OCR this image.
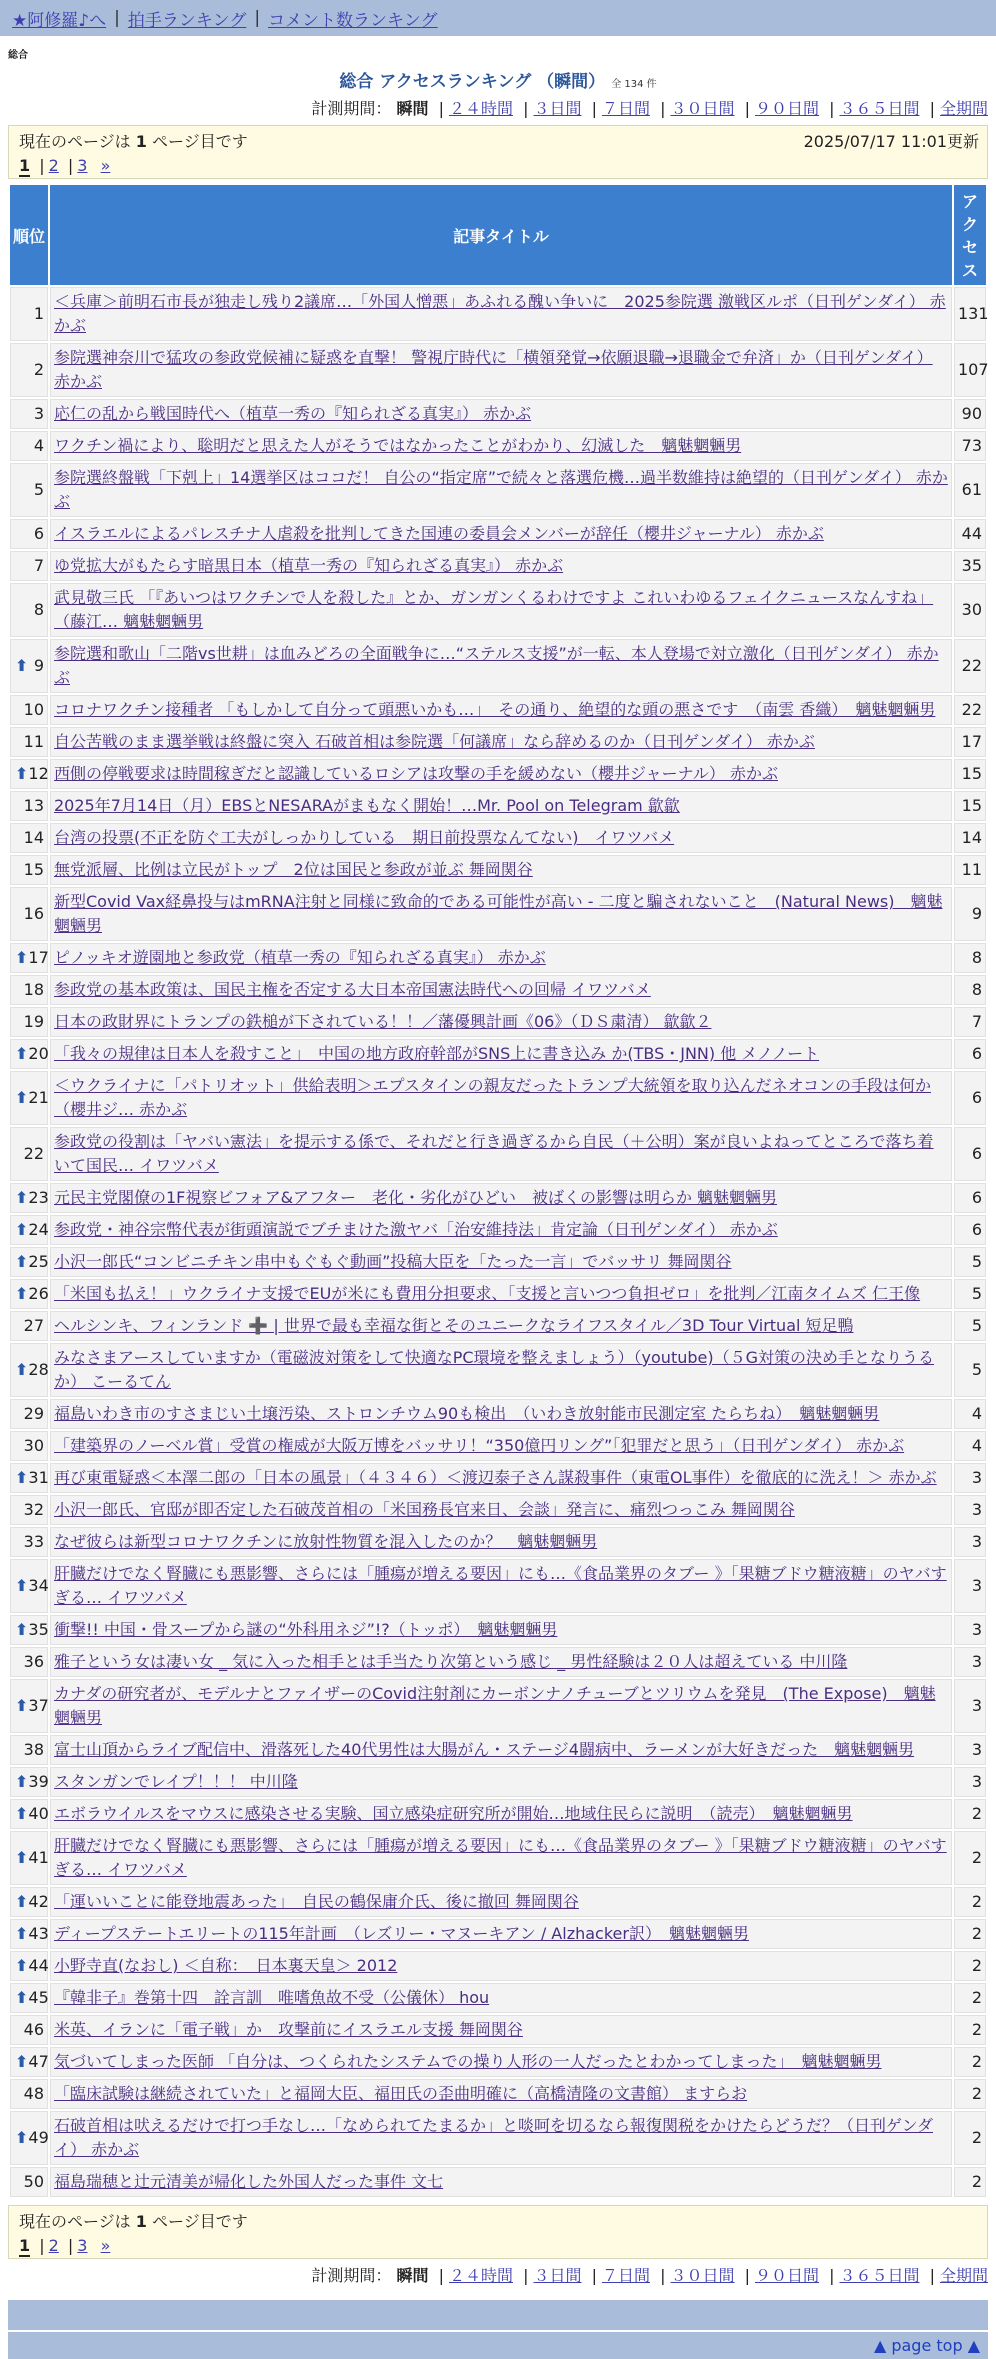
★阿修羅♪へ | 拍手ランキング | コメント数ランキング
総合
総合 アクセスランキング （瞬間） 全 134 件
計測期間： 瞬間 | ２４時間 | ３日間 | ７日間 | ３０日間 | ９０日間 | ３６５日間 | 全期間
現在のページは 1 ページ目です	2025/07/17 11:01更新
1 | 2 | 3 »
順位	記事タイトル	アクセス
1	＜兵庫＞前明石市長が独走し残り2議席…「外国人憎悪」あふれる醜い争いに　2025参院選 激戦区ルポ（日刊ゲンダイ） 赤かぶ	131
2	参院選神奈川で猛攻の参政党候補に疑惑を直撃！ 警視庁時代に「横領発覚→依願退職→退職金で弁済」か（日刊ゲンダイ） 赤かぶ	107
3	応仁の乱から戦国時代へ（植草一秀の『知られざる真実』） 赤かぶ	90
4	ワクチン禍により、聡明だと思えた人がそうではなかったことがわかり、幻滅した　魑魅魍魎男	73
5	参院選終盤戦「下剋上」14選挙区はココだ！ 自公の“指定席”で続々と落選危機…過半数維持は絶望的（日刊ゲンダイ） 赤かぶ	61
6	イスラエルによるパレスチナ人虐殺を批判してきた国連の委員会メンバーが辞任（櫻井ジャーナル） 赤かぶ	44
7	ゆ党拡大がもたらす暗黒日本（植草一秀の『知られざる真実』） 赤かぶ	35
8	武見敬三氏 「『あいつはワクチンで人を殺した』とか、ガンガンくるわけですよ これいわゆるフェイクニュースなんすね」 （藤江… 魑魅魍魎男	30

⬆ 9	参院選和歌山「二階vs世耕」は血みどろの全面戦争に…“ステルス支援”が一転、本人登場で対立激化（日刊ゲンダイ） 赤かぶ	22
10	コロナワクチン接種者 「もしかして自分って頭悪いかも…」　その通り、絶望的な頭の悪さです　（南雲 香織）　魑魅魍魎男	22
11	自公苦戦のまま選挙戦は終盤に突入 石破首相は参院選「何議席」なら辞めるのか（日刊ゲンダイ） 赤かぶ	17

⬆ 12	西側の停戦要求は時間稼ぎだと認識しているロシアは攻撃の手を緩めない（櫻井ジャーナル） 赤かぶ	15
13	2025年7月14日（月）EBSとNESARAがまもなく開始！…Mr. Pool on Telegram 歙歙	15
14	台湾の投票(不正を防ぐ工夫がしっかりしている　期日前投票なんてない)　イワツバメ	14
15	無党派層、比例は立民がトップ　2位は国民と参政が並ぶ 舞岡関谷	11
16	新型Covid Vax経鼻投与はmRNA注射と同様に致命的である可能性が高い - 二度と騙されないこと　(Natural News)　魑魅魍魎男	9

⬆ 17	ピノッキオ遊園地と参政党（植草一秀の『知られざる真実』） 赤かぶ	8
18	参政党の基本政策は、国民主権を否定する大日本帝国憲法時代への回帰 イワツバメ	8
19	日本の政財界にトランプの鉄槌が下されている！！／藩優興計画《06》（ＤＳ粛清） 歙歙２	7

⬆ 20	「我々の規律は日本人を殺すこと」　中国の地方政府幹部がSNS上に書き込み か(TBS・JNN) 他 メノノート	6

⬆ 21	＜ウクライナに「パトリオット」供給表明＞エプスタインの親友だったトランプ大統領を取り込んだネオコンの手段は何か（櫻井ジ… 赤かぶ	6
22	参政党の役割は「ヤバい憲法」を提示する係で、それだと行き過ぎるから自民（＋公明）案が良いよねってところで落ち着いて国民… イワツバメ	6

⬆ 23	元民主党閣僚の1F視察ビフォア&アフター　老化・劣化がひどい　被ばくの影響は明らか 魑魅魍魎男	6

⬆ 24	参政党・神谷宗幣代表が街頭演説でブチまけた激ヤバ「治安維持法」肯定論（日刊ゲンダイ） 赤かぶ	6

⬆ 25	小沢一郎氏“コンビニチキン串中もぐもぐ動画”投稿大臣を「たった一言」でバッサリ 舞岡関谷	5

⬆ 26	「米国も払え！」ウクライナ支援でEUが米にも費用分担要求、「支援と言いつつ負担ゼロ」を批判／江南タイムズ 仁王像	5
27	ヘルシンキ、フィンランド ➕ | 世界で最も幸福な街とそのユニークなライフスタイル／3D Tour Virtual 短足鴨	5

⬆ 28	みなさまアースしていますか（電磁波対策をして快適なPC環境を整えましょう）（youtube)（５G対策の決め手となりうるか） こーるてん	5
29	福島いわき市のすさまじい土壌汚染、ストロンチウム90も検出　（いわき放射能市民測定室 たらちね）　魑魅魍魎男	4
30	「建築界のノーベル賞」受賞の権威が大阪万博をバッサリ！“350億円リング”「犯罪だと思う」（日刊ゲンダイ） 赤かぶ	4

⬆ 31	再び東電疑惑＜本澤二郎の「日本の風景」（４３４６）＜渡辺泰子さん謀殺事件（東電OL事件）を徹底的に洗え！＞ 赤かぶ	3
32	小沢一郎氏、官邸が即否定した石破茂首相の「米国務長官来日、会談」発言に、痛烈つっこみ 舞岡関谷	3
33	なぜ彼らは新型コロナワクチンに放射性物質を混入したのか？　魑魅魍魎男	3

⬆ 34	肝臓だけでなく腎臓にも悪影響、さらには「腫瘍が増える要因」にも…《食品業界のタブー 》「果糖ブドウ糖液糖」のヤバすぎる… イワツバメ	3

⬆ 35	衝撃!! 中国・骨スープから謎の“外科用ネジ”!?（トッポ）　魑魅魍魎男	3
36	雅子という女は凄い女 _ 気に入った相手とは手当たり次第という感じ _ 男性経験は２０人は超えている 中川隆	3

⬆ 37	カナダの研究者が、モデルナとファイザーのCovid注射剤にカーボンナノチューブとツリウムを発見　(The Expose)　魑魅魍魎男	3
38	富士山頂からライブ配信中、滑落死した40代男性は大腸がん・ステージ4闘病中、ラーメンが大好きだった　魑魅魍魎男	3

⬆ 39	スタンガンでレイプ！！！ 中川隆	3

⬆ 40	エボラウイルスをマウスに感染させる実験、国立感染症研究所が開始…地域住民らに説明　（読売）　魑魅魍魎男	2

⬆ 41	肝臓だけでなく腎臓にも悪影響、さらには「腫瘍が増える要因」にも…《食品業界のタブー 》「果糖ブドウ糖液糖」のヤバすぎる… イワツバメ	2

⬆ 42	「運いいことに能登地震あった」　自民の鶴保庸介氏、後に撤回 舞岡関谷	2

⬆ 43	ディープステートエリートの115年計画　（レズリー・マヌーキアン / Alzhacker訳）　魑魅魍魎男	2

⬆ 44	小野寺直(なおし) ＜自称：　日本裏天皇＞ 2012	2

⬆ 45	『韓非子』巻第十四　詮言訓　唯嗜魚故不受（公儀休） hou	2
46	米英、イランに「電子戦」か　攻撃前にイスラエル支援 舞岡関谷	2

⬆ 47	気づいてしまった医師 「自分は、つくられたシステムでの操り人形の一人だったとわかってしまった」　魑魅魍魎男	2
48	「臨床試験は継続されていた」と福岡大臣、福田氏の歪曲明確に（高橋清隆の文書館） ますらお	2

⬆ 49	石破首相は吠えるだけで打つ手なし…「なめられてたまるか」と啖呵を切るなら報復関税をかけたらどうだ？（日刊ゲンダイ） 赤かぶ	2
50	福島瑞穂と辻元清美が帰化した外国人だった事件 文七	2
現在のページは 1 ページ目です
1 | 2 | 3 »
計測期間： 瞬間 | ２４時間 | ３日間 | ７日間 | ３０日間 | ９０日間 | ３６５日間 | 全期間
▲ page top ▲
